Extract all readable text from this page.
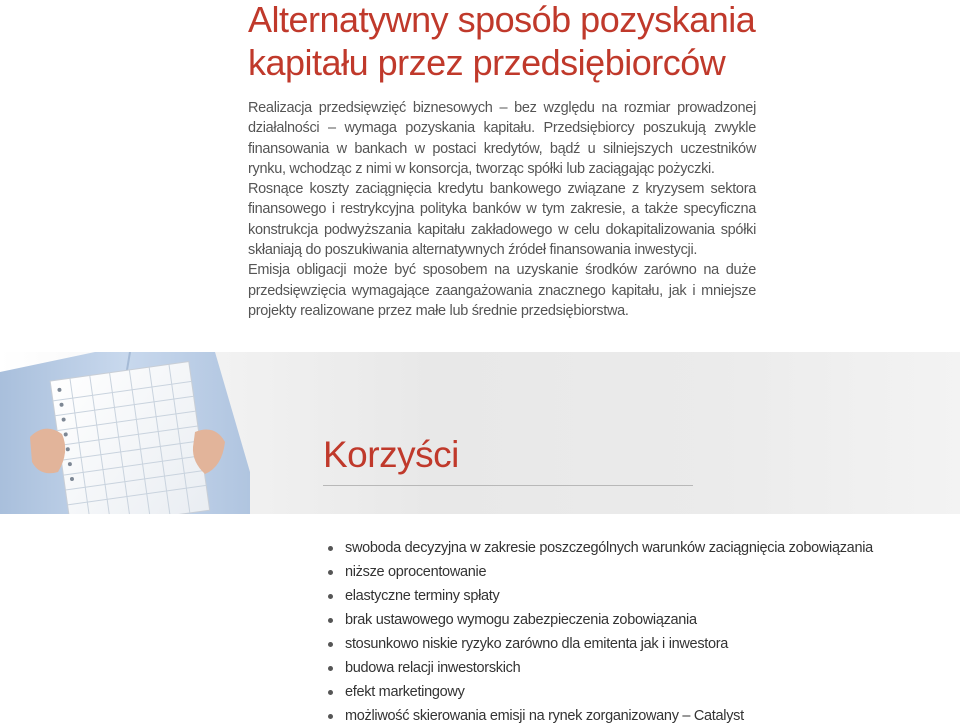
Alternatywny sposób pozyskania
kapitału przez przedsiębiorców

Realizacja przedsięwzięć biznesowych – bez względu na rozmiar prowadzonej działalności – wymaga pozyskania kapitału. Przedsiębiorcy poszukują zwykle finansowania w bankach w postaci kredytów, bądź u silniejszych uczestników rynku, wchodząc z nimi w konsorcja, tworząc spółki lub zaciągając pożyczki.

Rosnące koszty zaciągnięcia kredytu bankowego związane z kryzysem sektora finansowego i restrykcyjna polityka banków w tym zakresie, a także specyficzna konstrukcja podwyższania kapitału zakładowego w celu dokapitalizowania spółki skłaniają do poszukiwania alternatywnych źródeł finansowania inwestycji.

Emisja obligacji może być sposobem na uzyskanie środków zarówno na duże przedsięwzięcia wymagające zaangażowania znacznego kapitału, jak i mniejsze projekty realizowane przez małe lub średnie przedsiębiorstwa.

Korzyści
swoboda decyzyjna w zakresie poszczególnych warunków zaciągnięcia zobowiązania
niższe oprocentowanie
elastyczne terminy spłaty
brak ustawowego wymogu zabezpieczenia zobowiązania
stosunkowo niskie ryzyko zarówno dla emitenta jak i inwestora
budowa relacji inwestorskich
efekt marketingowy
możliwość skierowania emisji na rynek zorganizowany – Catalyst
